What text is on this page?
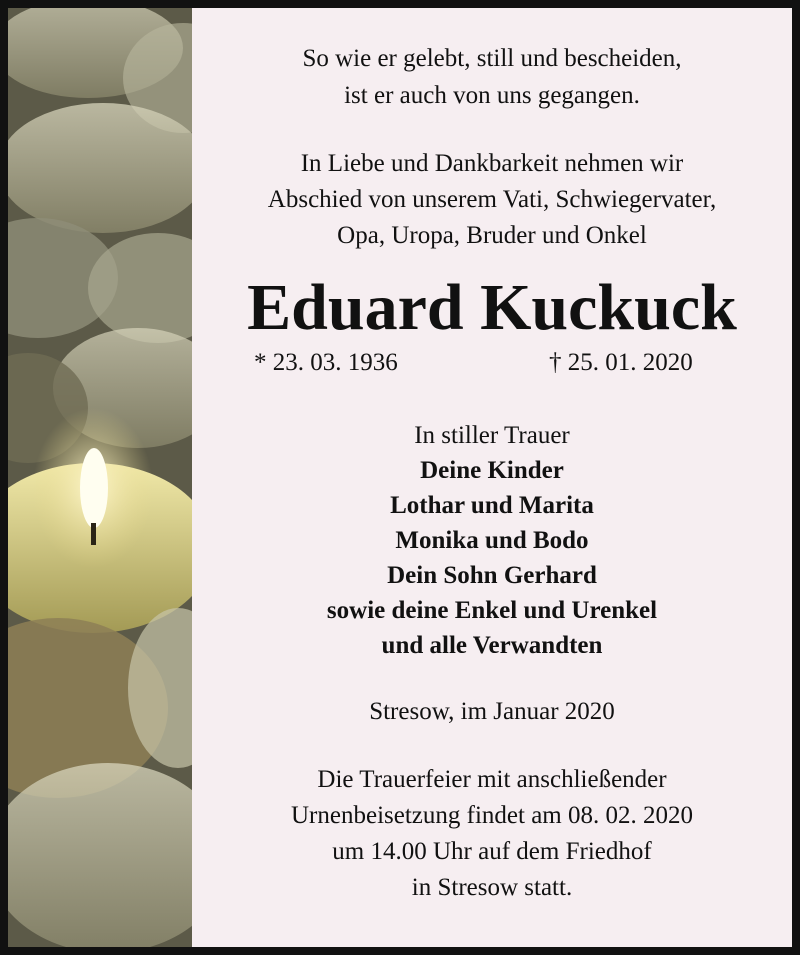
So wie er gelebt, still und bescheiden,
ist er auch von uns gegangen.
In Liebe und Dankbarkeit nehmen wir
Abschied von unserem Vati, Schwiegervater,
Opa, Uropa, Bruder und Onkel
Eduard Kuckuck
* 23. 03. 1936	† 25. 01. 2020
In stiller Trauer
Deine Kinder
Lothar und Marita
Monika und Bodo
Dein Sohn Gerhard
sowie deine Enkel und Urenkel
und alle Verwandten
Stresow, im Januar 2020
Die Trauerfeier mit anschließender
Urnenbeisetzung findet am 08. 02. 2020
um 14.00 Uhr auf dem Friedhof
in Stresow statt.
